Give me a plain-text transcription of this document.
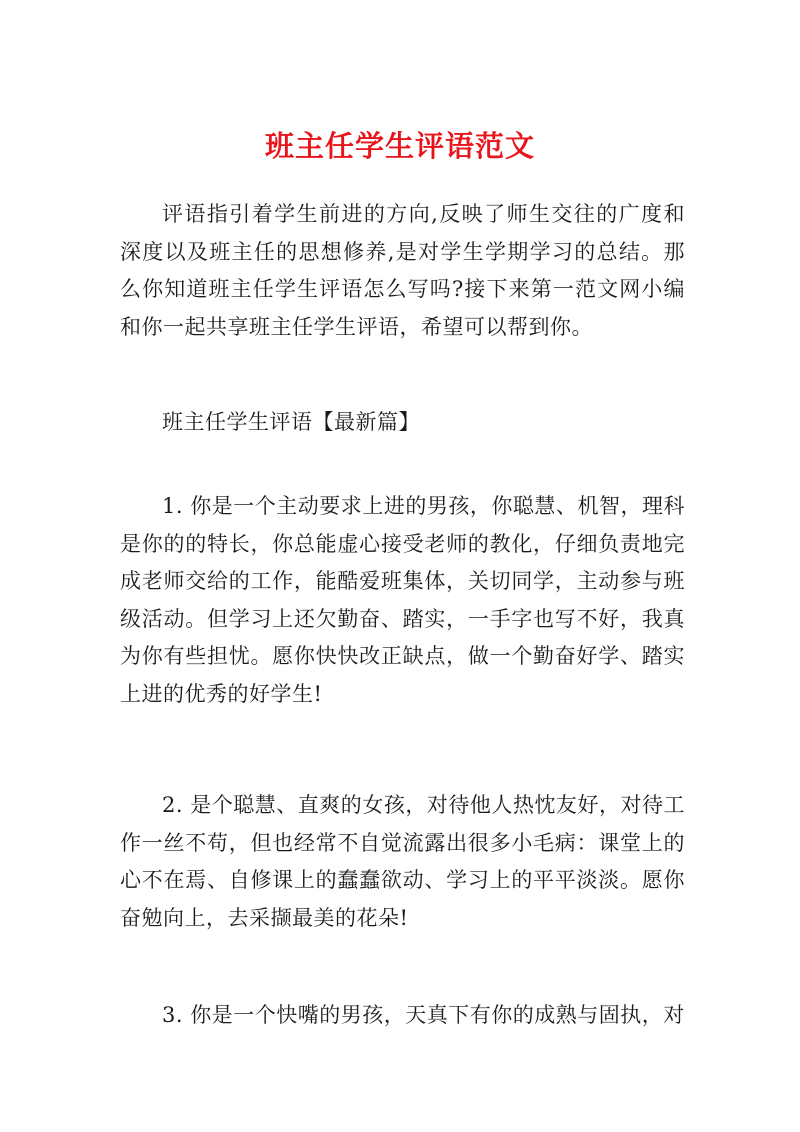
班主任学生评语范文
评语指引着学生前进的方向,反映了师生交往的广度和深度以及班主任的思想修养,是对学生学期学习的总结。那么你知道班主任学生评语怎么写吗?接下来第一范文网小编和你一起共享班主任学生评语，希望可以帮到你。
班主任学生评语【最新篇】
1. 你是一个主动要求上进的男孩，你聪慧、机智，理科是你的的特长，你总能虚心接受老师的教化，仔细负责地完成老师交给的工作，能酷爱班集体，关切同学，主动参与班级活动。但学习上还欠勤奋、踏实，一手字也写不好，我真为你有些担忧。愿你快快改正缺点，做一个勤奋好学、踏实上进的优秀的好学生!
2. 是个聪慧、直爽的女孩，对待他人热忱友好，对待工作一丝不苟，但也经常不自觉流露出很多小毛病：课堂上的心不在焉、自修课上的蠢蠢欲动、学习上的平平淡淡。愿你奋勉向上，去采撷最美的花朵!
3. 你是一个快嘴的男孩，天真下有你的成熟与固执，对
